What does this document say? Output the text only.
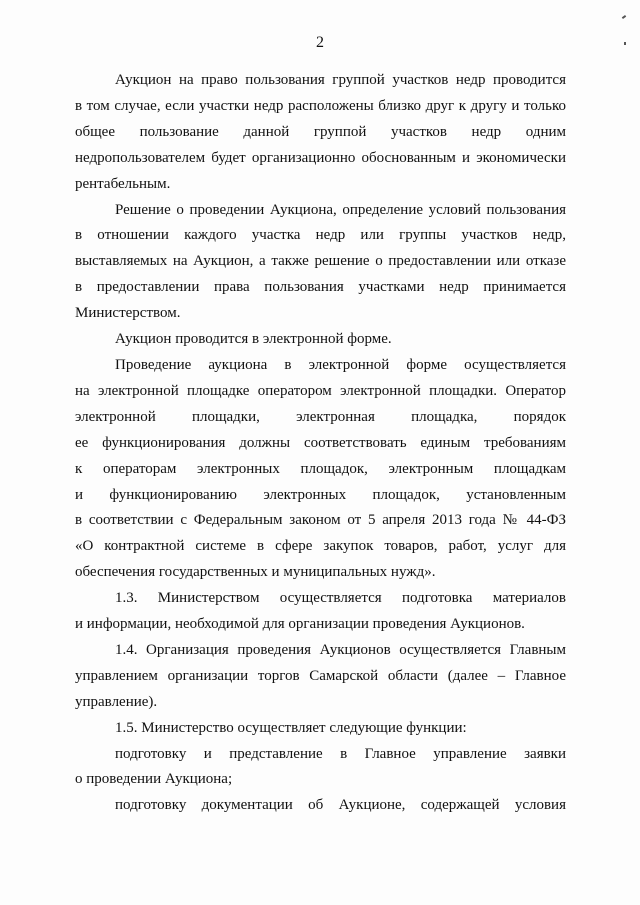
2

Аукцион на право пользования группой участков недр проводится

в том случае, если участки недр расположены близко друг к другу и только

общее пользование данной группой участков недр одним

недропользователем будет организационно обоснованным и экономически

рентабельным.

Решение о проведении Аукциона, определение условий пользования

в отношении каждого участка недр или группы участков недр,

выставляемых на Аукцион, а также решение о предоставлении или отказе

в предоставлении права пользования участками недр принимается

Министерством.

Аукцион проводится в электронной форме.

Проведение аукциона в электронной форме осуществляется

на электронной площадке оператором электронной площадки. Оператор

электронной площадки, электронная площадка, порядок

ее функционирования должны соответствовать единым требованиям

к операторам электронных площадок, электронным площадкам

и функционированию электронных площадок, установленным

в соответствии с Федеральным законом от 5 апреля 2013 года № 44-ФЗ

«О контрактной системе в сфере закупок товаров, работ, услуг для

обеспечения государственных и муниципальных нужд».

1.3. Министерством осуществляется подготовка материалов

и информации, необходимой для организации проведения Аукционов.

1.4. Организация проведения Аукционов осуществляется Главным

управлением организации торгов Самарской области (далее – Главное

управление).

1.5. Министерство осуществляет следующие функции:

подготовку и представление в Главное управление заявки

о проведении Аукциона;

подготовку документации об Аукционе, содержащей условия
